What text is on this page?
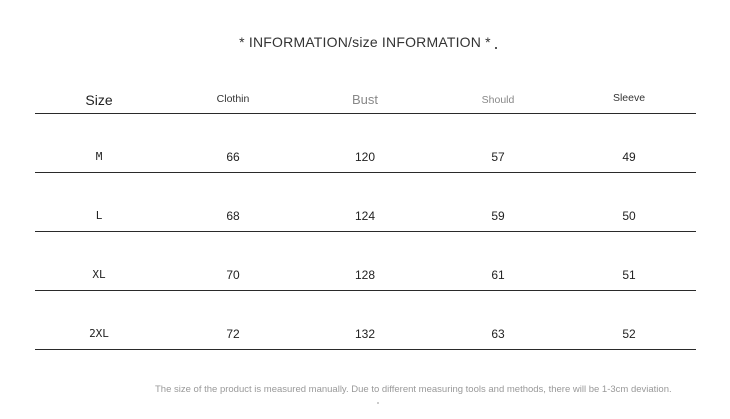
* INFORMATION/size INFORMATION *
Size	Clothin	Bust	Should	Sleeve
M	66	120	57	49
L	68	124	59	50
XL	70	128	61	51
2XL	72	132	63	52
The size of the product is measured manually. Due to different measuring tools and methods, there will be 1-3cm deviation.
